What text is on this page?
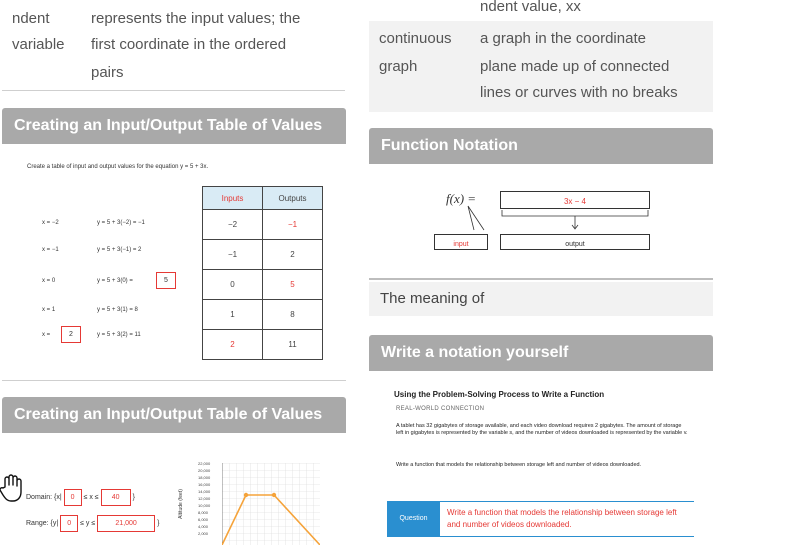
ndent	represents the input values; the
variable first coordinate in the ordered
pairs
Creating an Input/Output Table of Values
Create a table of input and output values for the equation y = 5 + 3x.
x = −2	y = 5 + 3(−2) = −1
x = −1	y = 5 + 3(−1) = 2
x = 0	y = 5 + 3(0) =	5
x = 1	y = 5 + 3(1) = 8
x =	2	y = 5 + 3(2) = 11
Inputs	Outputs
−2	−1
−1	2
0	5
1	8
2	11
Creating an Input/Output Table of Values
Domain: {x| 0 ≤ x ≤ 40 }
Range: {y| 0 ≤ y ≤	21,000	}
Altitude (feet)
22,000
20,000
18,000
16,000
14,000
12,000
10,000
8,000
6,000
4,000
2,000
ndent value, xx
continuous a graph in the coordinate
graph	plane made up of connected
lines or curves with no breaks
Function Notation
f(x) =	3x − 4
input	output
The meaning of
Write a notation yourself
Using the Problem-Solving Process to Write a Function
REAL-WORLD CONNECTION
A tablet has 32 gigabytes of storage available, and each video download requires 2 gigabytes. The amount of storage left in gigabytes is represented by the variable s, and the number of videos downloaded is represented by the variable v.
Write a function that models the relationship between storage left and number of videos downloaded.
Question
Write a function that models the relationship between storage left and number of videos downloaded.
